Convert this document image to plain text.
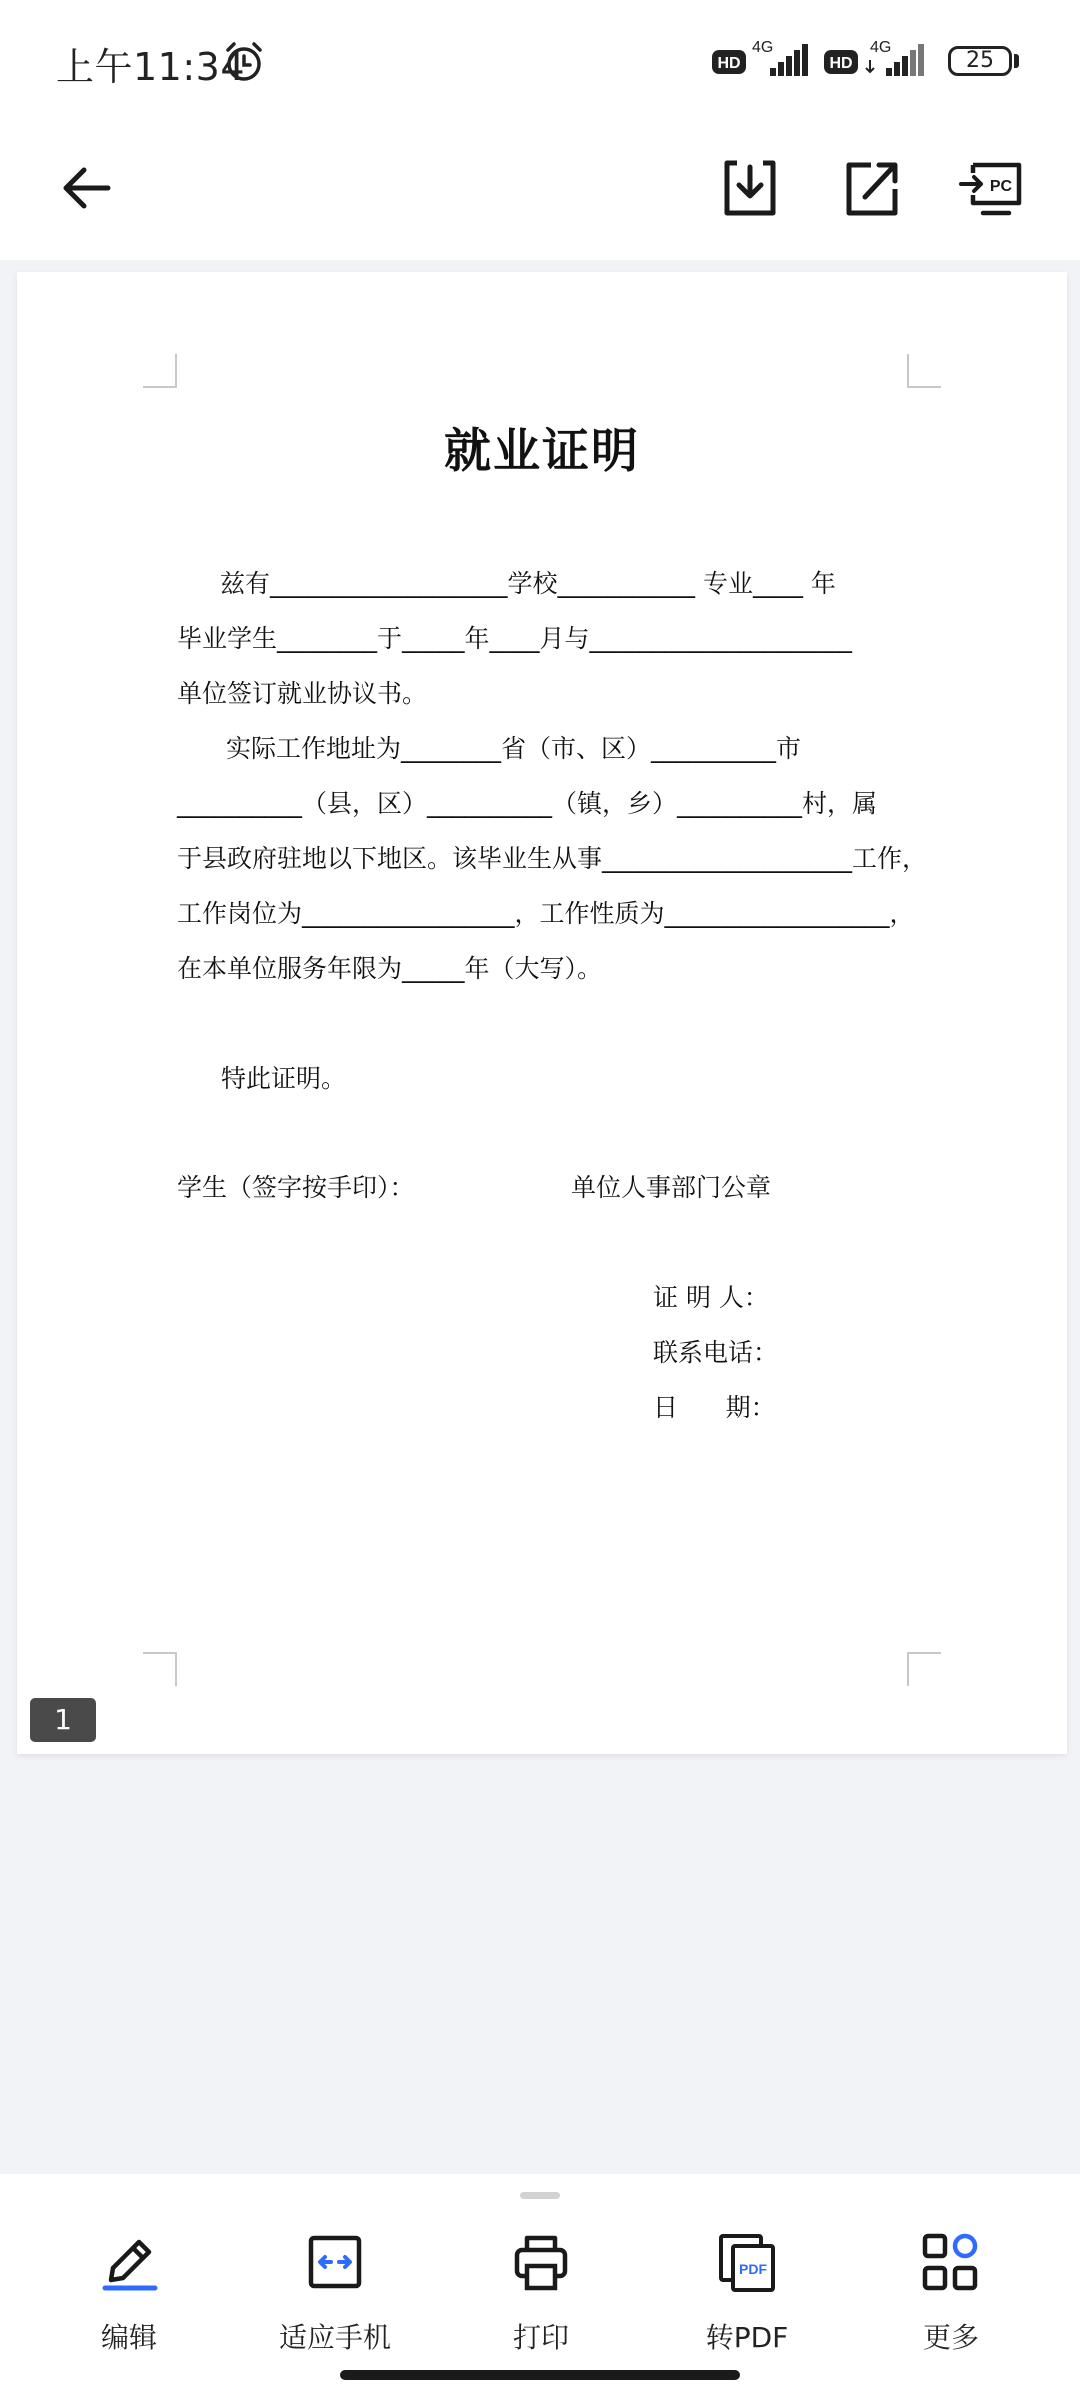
上午11:34	HD
4G
HD
4G
25
PC
就业证明
兹有___________________学校___________ 专业____ 年
毕业学生________于_____年____月与_____________________
单位签订就业协议书。
实际工作地址为________省（市、区）__________市
__________（县，区）__________（镇，乡）__________村，属
于县政府驻地以下地区。该毕业生从事____________________工作，
工作岗位为_________________，工作性质为__________________，
在本单位服务年限为_____年（大写）。
特此证明。
学生（签字按手印）：	单位人事部门公章
证 明 人：
联系电话：
日      期：
1
编辑	适应手机	打印
PDF
转PDF	更多
